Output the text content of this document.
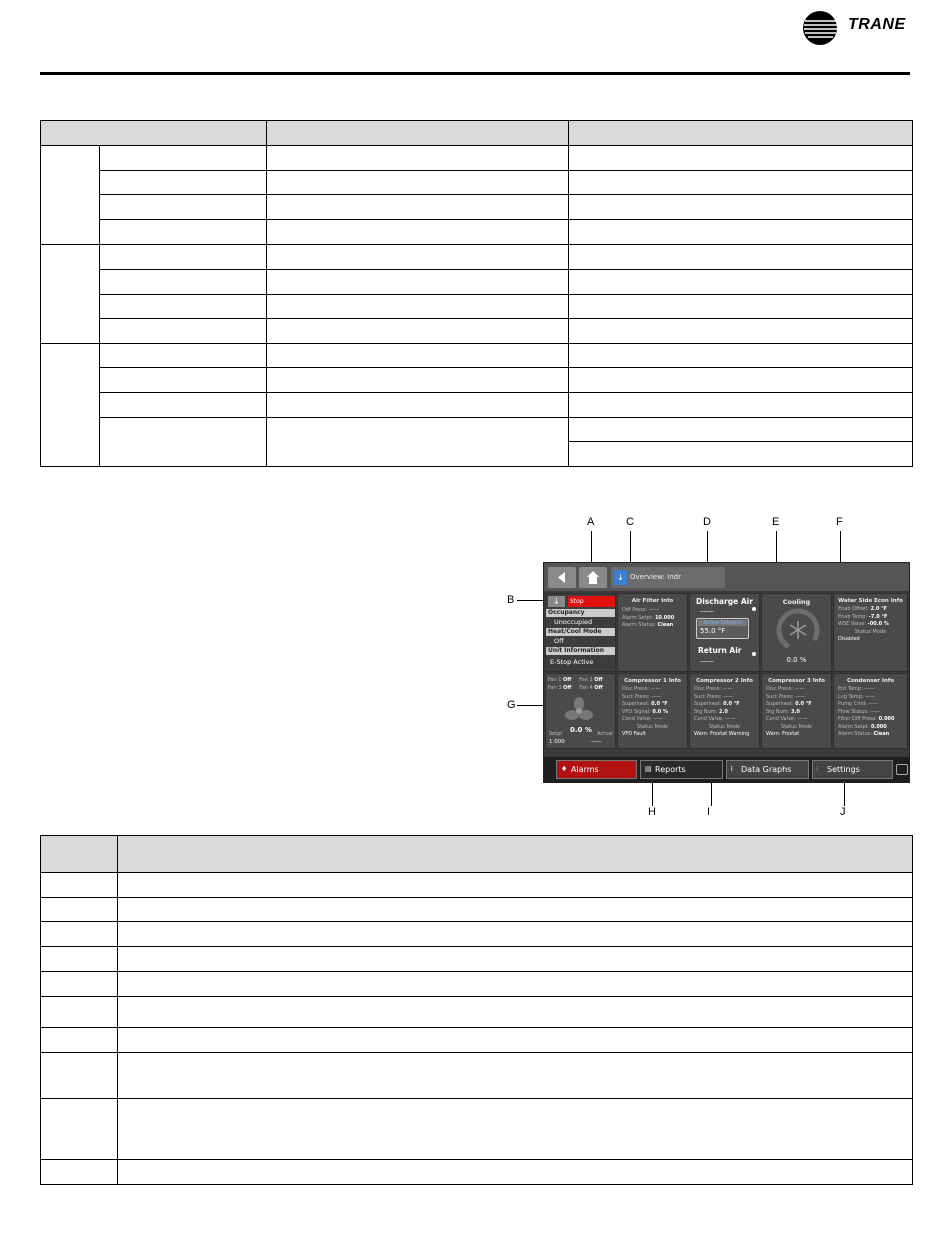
TRANE
A	C	D	E	F
B
G
H	I	J
↓ Overview: Indr
↓	Stop
Occupancy
Unoccupied
Heat/Cool Mode
Off
Unit Information
E-Stop Active
Air Filter Info
Diff Press: ——
Alarm Setpt: 10.000
Alarm Status: Clean
Discharge Air
——
Active Setpoint
55.0 °F
Return Air
——
Cooling
0.0 %
Water Side Econ Info
Enab Offset: 2.0 °F
Enab Temp: -7.0 °F
WSE Valve: -00.0 %
Status Mode
Disabled
Fan 1 Off Fan 2 Off
Fan 3 Off Fan 4 Off
0.0 %
Setpt	Actual
1.000	——
Compressor 1 Info
Disc Press: ——
Suct Press: ——
Superheat: 0.0 °F
VFD Signal: 0.0 %
Cond Valve: ——
Status Mode
VFD Fault
Compressor 2 Info
Disc Press: ——
Suct Press: ——
Superheat: 0.0 °F
Stg Num: 2.0
Cond Valve: ——
Status Mode
Warn: Frostat Warning
Compressor 3 Info
Disc Press: ——
Suct Press: ——
Superheat: 0.0 °F
Stg Num: 3.0
Cond Valve: ——
Status Mode
Warn: Frostat
Condenser Info
Ent Temp: ——
Lvg Temp: ——
Pump Cmd: ——
Flow Status: ——
Filter Diff Press: 0.000
Alarm Setpt: 0.000
Alarm Status: Clean
♦ Alarms	▤ Reports	⌇ Data Graphs	⫶ Settings
